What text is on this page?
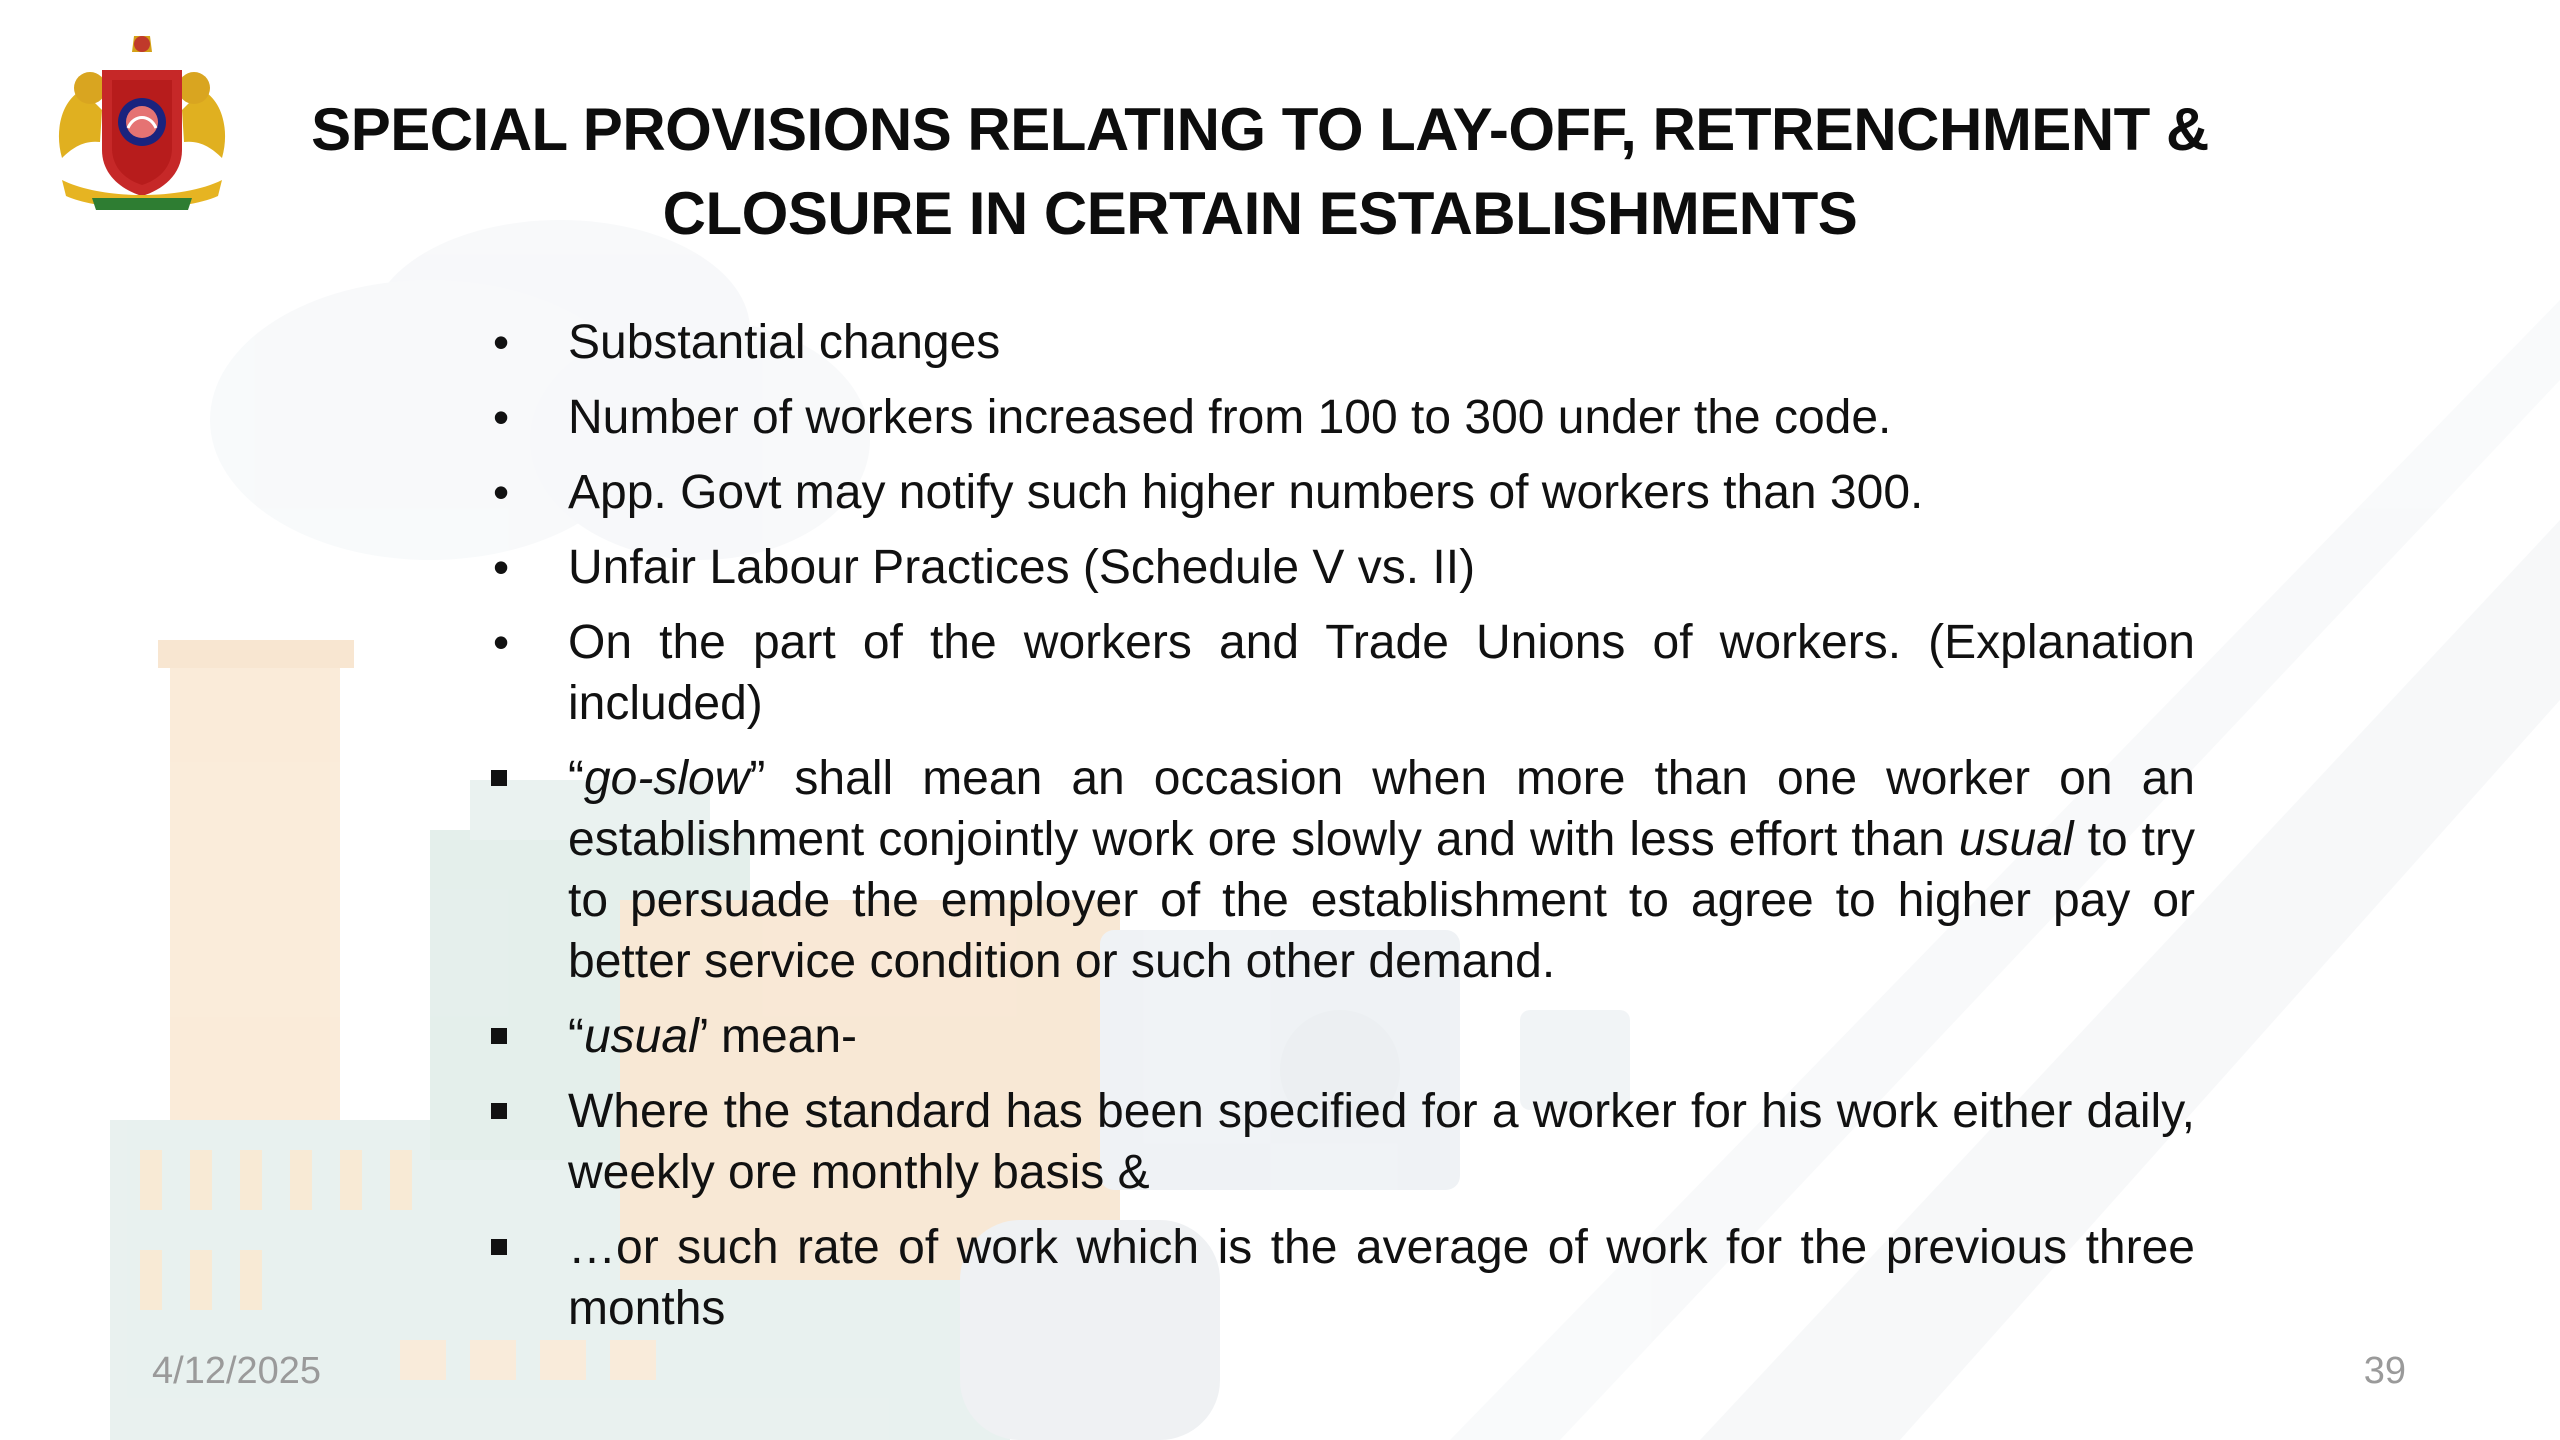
SPECIAL PROVISIONS RELATING TO LAY-OFF, RETRENCHMENT &
CLOSURE IN CERTAIN ESTABLISHMENTS
•
Substantial changes
•
Number of workers increased from 100 to 300 under the code.
•
App. Govt may notify such higher numbers of workers than 300.
•
Unfair Labour Practices (Schedule V vs. II)
•
On the part of the workers and Trade Unions of workers. (Explanation included)
“go-slow” shall mean an occasion when more than one worker on an establishment conjointly work ore slowly and with less effort than usual to try to persuade the employer of the establishment to agree to higher pay or better service condition or such other demand.
“usual’ mean-
Where the standard has been specified for a worker for his work either daily, weekly ore monthly basis &
…or such rate of work which is the average of work for the previous three months
4/12/2025	39
